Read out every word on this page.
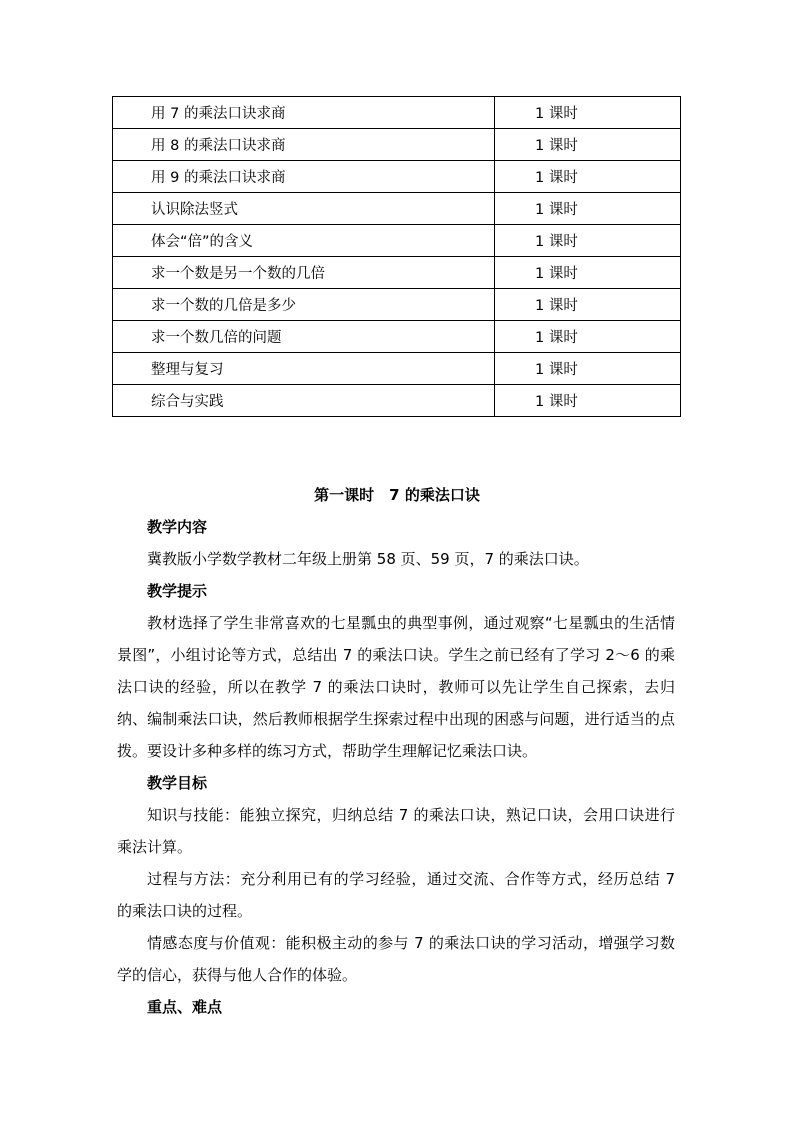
用 7 的乘法口诀求商	1 课时
用 8 的乘法口诀求商	1 课时
用 9 的乘法口诀求商	1 课时
认识除法竖式	1 课时
体会“倍”的含义	1 课时
求一个数是另一个数的几倍	1 课时
求一个数的几倍是多少	1 课时
求一个数几倍的问题	1 课时
整理与复习	1 课时
综合与实践	1 课时
第一课时　7 的乘法口诀
教学内容

冀教版小学数学教材二年级上册第 58 页、59 页，7 的乘法口诀。

教学提示

教材选择了学生非常喜欢的七星瓢虫的典型事例，通过观察“七星瓢虫的生活情景图”，小组讨论等方式，总结出 7 的乘法口诀。学生之前已经有了学习 2～6 的乘法口诀的经验，所以在教学 7 的乘法口诀时，教师可以先让学生自己探索，去归纳、编制乘法口诀，然后教师根据学生探索过程中出现的困惑与问题，进行适当的点拨。要设计多种多样的练习方式，帮助学生理解记忆乘法口诀。

教学目标

知识与技能：能独立探究，归纳总结 7 的乘法口诀，熟记口诀，会用口诀进行乘法计算。

过程与方法：充分利用已有的学习经验，通过交流、合作等方式，经历总结 7 的乘法口诀的过程。

情感态度与价值观：能积极主动的参与 7 的乘法口诀的学习活动，增强学习数学的信心，获得与他人合作的体验。

重点、难点
